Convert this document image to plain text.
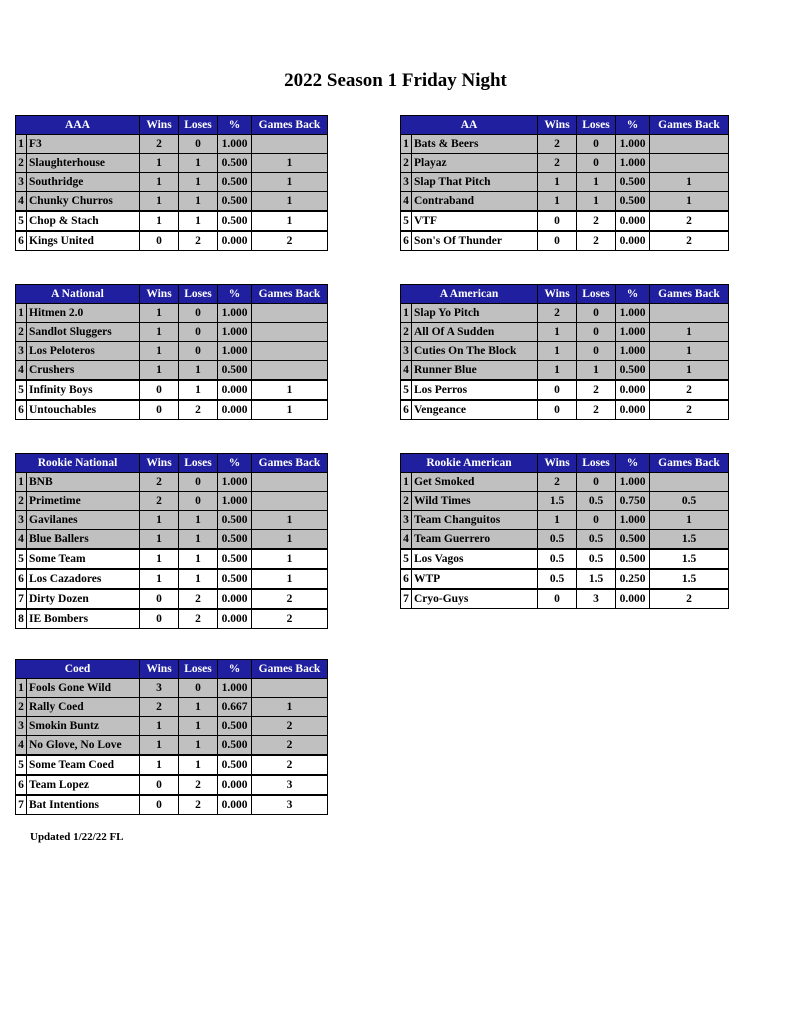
2022 Season 1 Friday Night
AAA		Wins	Loses	%	Games Back
1	F3	2	0	1.000	
2	Slaughterhouse	1	1	0.500	1
3	Southridge	1	1	0.500	1
4	Chunky Churros	1	1	0.500	1
5	Chop & Stach	1	1	0.500	1
6	Kings United	0	2	0.000	2
AA		Wins	Loses	%	Games Back
1	Bats & Beers	2	0	1.000	
2	Playaz	2	0	1.000	
3	Slap That Pitch	1	1	0.500	1
4	Contraband	1	1	0.500	1
5	VTF	0	2	0.000	2
6	Son's Of Thunder	0	2	0.000	2
A National		Wins	Loses	%	Games Back
1	Hitmen 2.0	1	0	1.000	
2	Sandlot Sluggers	1	0	1.000	
3	Los Peloteros	1	0	1.000	
4	Crushers	1	1	0.500	
5	Infinity Boys	0	1	0.000	1
6	Untouchables	0	2	0.000	1
A American		Wins	Loses	%	Games Back
1	Slap Yo Pitch	2	0	1.000	
2	All Of A Sudden	1	0	1.000	1
3	Cuties On The Block	1	0	1.000	1
4	Runner Blue	1	1	0.500	1
5	Los Perros	0	2	0.000	2
6	Vengeance	0	2	0.000	2
Rookie National		Wins	Loses	%	Games Back
1	BNB	2	0	1.000	
2	Primetime	2	0	1.000	
3	Gavilanes	1	1	0.500	1
4	Blue Ballers	1	1	0.500	1
5	Some Team	1	1	0.500	1
6	Los Cazadores	1	1	0.500	1
7	Dirty Dozen	0	2	0.000	2
8	IE Bombers	0	2	0.000	2
Rookie American		Wins	Loses	%	Games Back
1	Get Smoked	2	0	1.000	
2	Wild Times	1.5	0.5	0.750	0.5
3	Team Changuitos	1	0	1.000	1
4	Team Guerrero	0.5	0.5	0.500	1.5
5	Los Vagos	0.5	0.5	0.500	1.5
6	WTP	0.5	1.5	0.250	1.5
7	Cryo-Guys	0	3	0.000	2
Coed		Wins	Loses	%	Games Back
1	Fools Gone Wild	3	0	1.000	
2	Rally Coed	2	1	0.667	1
3	Smokin Buntz	1	1	0.500	2
4	No Glove, No Love	1	1	0.500	2
5	Some Team Coed	1	1	0.500	2
6	Team Lopez	0	2	0.000	3
7	Bat Intentions	0	2	0.000	3
Updated 1/22/22 FL
